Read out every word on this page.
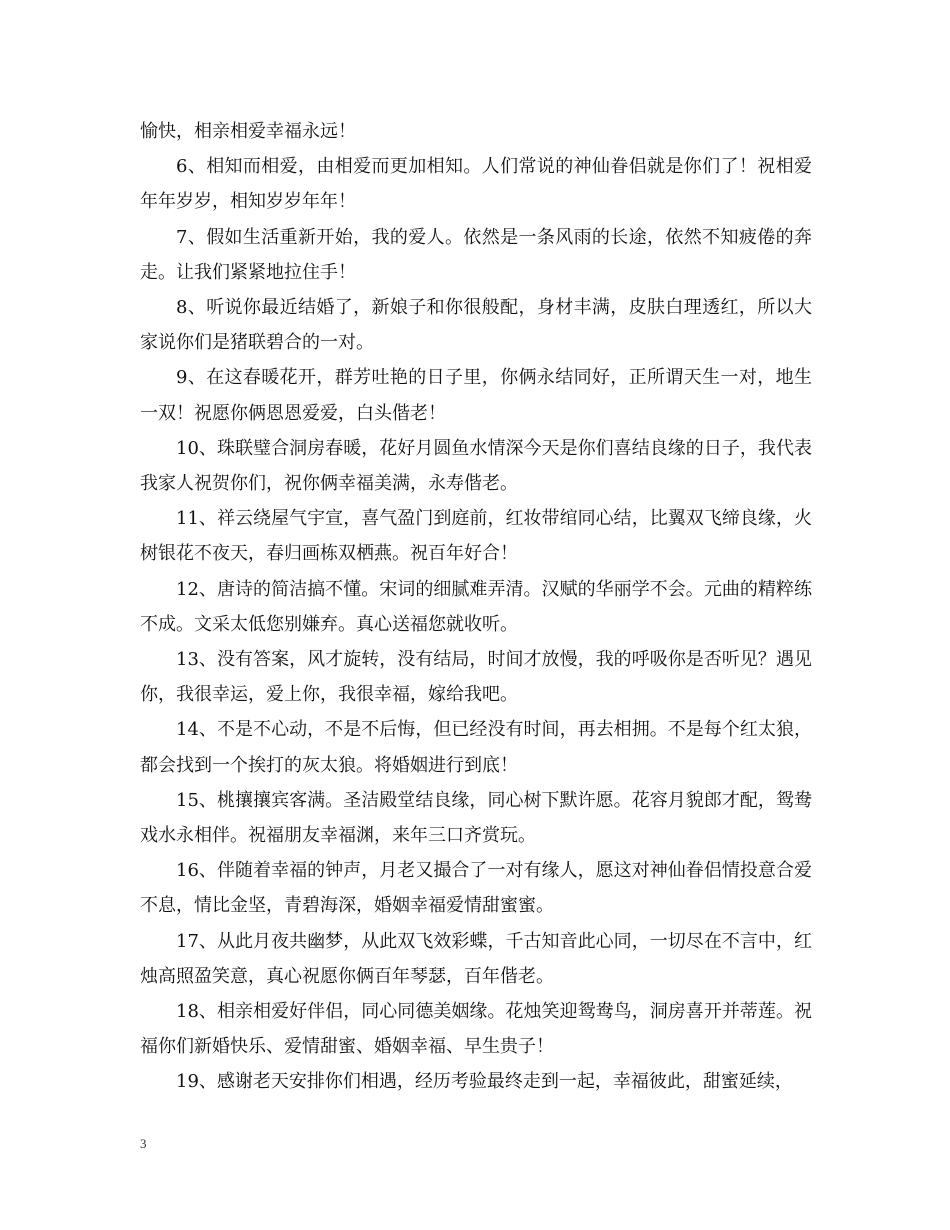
愉快，相亲相爱幸福永远！

6、相知而相爱，由相爱而更加相知。人们常说的神仙眷侣就是你们了！祝相爱年年岁岁，相知岁岁年年！

7、假如生活重新开始，我的爱人。依然是一条风雨的长途，依然不知疲倦的奔走。让我们紧紧地拉住手！

8、听说你最近结婚了，新娘子和你很般配，身材丰满，皮肤白理透红，所以大家说你们是猪联碧合的一对。

9、在这春暖花开，群芳吐艳的日子里，你俩永结同好，正所谓天生一对，地生一双！祝愿你俩恩恩爱爱，白头偕老！

10、珠联璧合洞房春暖，花好月圆鱼水情深今天是你们喜结良缘的日子，我代表我家人祝贺你们，祝你俩幸福美满，永寿偕老。

11、祥云绕屋气宇宣，喜气盈门到庭前，红妆带绾同心结，比翼双飞缔良缘，火树银花不夜天，春归画栋双栖燕。祝百年好合！

12、唐诗的简洁搞不懂。宋词的细腻难弄清。汉赋的华丽学不会。元曲的精粹练不成。文采太低您别嫌弃。真心送福您就收听。

13、没有答案，风才旋转，没有结局，时间才放慢，我的呼吸你是否听见？遇见你，我很幸运，爱上你，我很幸福，嫁给我吧。

14、不是不心动，不是不后悔，但已经没有时间，再去相拥。不是每个红太狼，都会找到一个挨打的灰太狼。将婚姻进行到底！

15、桃攘攘宾客满。圣洁殿堂结良缘，同心树下默许愿。花容月貌郎才配，鸳鸯戏水永相伴。祝福朋友幸福渊，来年三口齐赏玩。

16、伴随着幸福的钟声，月老又撮合了一对有缘人，愿这对神仙眷侣情投意合爱不息，情比金坚，青碧海深，婚姻幸福爱情甜蜜蜜。

17、从此月夜共幽梦，从此双飞效彩蝶，千古知音此心同，一切尽在不言中，红烛高照盈笑意，真心祝愿你俩百年琴瑟，百年偕老。

18、相亲相爱好伴侣，同心同德美姻缘。花烛笑迎鸳鸯鸟，洞房喜开并蒂莲。祝福你们新婚快乐、爱情甜蜜、婚姻幸福、早生贵子！

19、感谢老天安排你们相遇，经历考验最终走到一起，幸福彼此，甜蜜延续，

3
